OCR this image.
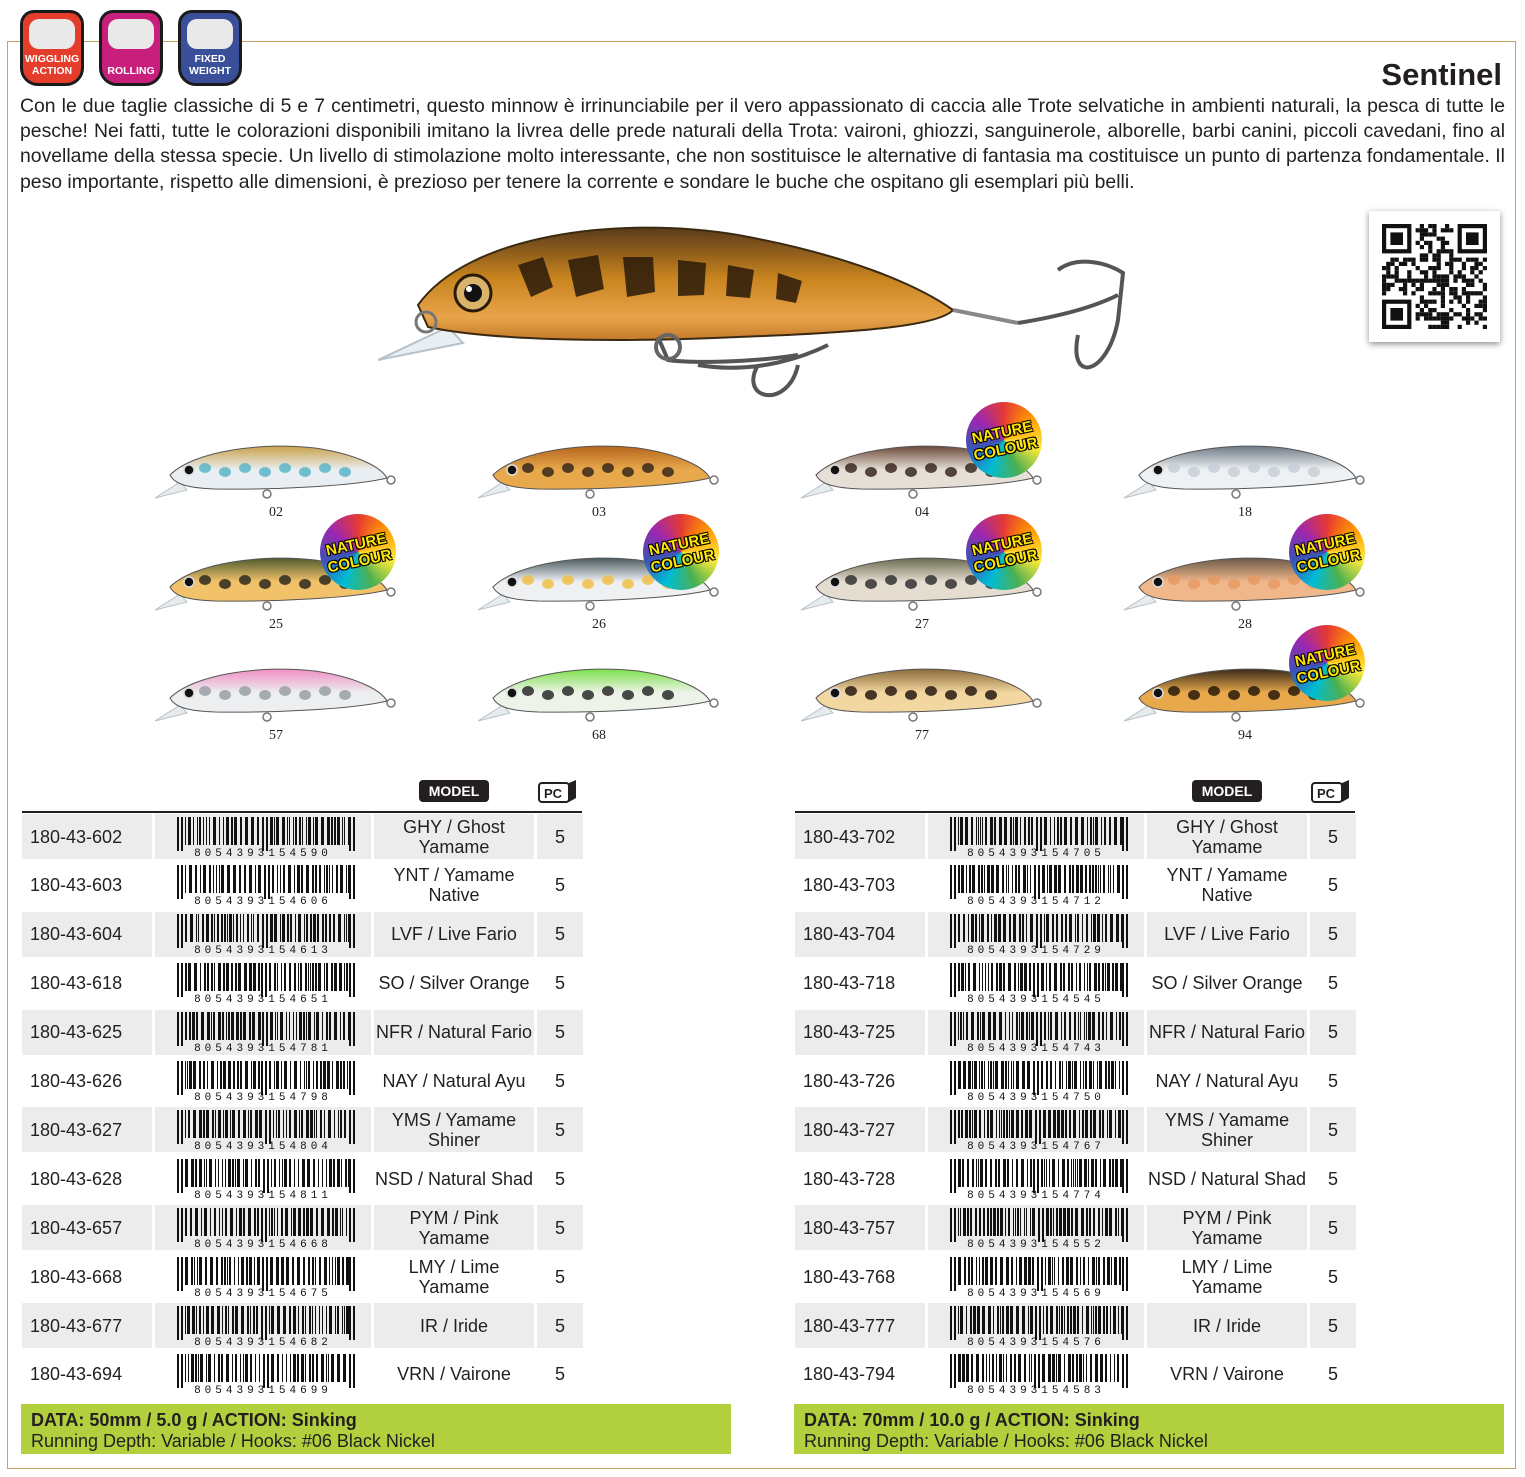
WIGGLING ACTION	ROLLING
FIXED WEIGHT	Sentinel
Con le due taglie classiche di 5 e 7 centimetri, questo minnow è irrinunciabile per il vero appassionato di caccia alle Trote selvatiche in ambienti naturali, la pesca di tutte le pesche! Nei fatti, tutte le colorazioni disponibili imitano la livrea delle prede naturali della Trota: vaironi, ghiozzi, sanguinerole, alborelle, barbi canini, piccoli cavedani, fino al novellame della stessa specie. Un livello di stimolazione molto interessante, che non sostituisce le alternative di fantasia ma costituisce un punto di partenza fondamentale. Il peso importante, rispetto alle dimensioni, è prezioso per tenere la corrente e sondare le buche che ospitano gli esemplari più belli.
02	03	04
NATURE COLOUR
18
25
NATURE COLOUR
26
NATURE COLOUR
27
NATURE COLOUR
28
NATURE COLOUR
57	68	77	94
NATURE COLOUR
MODEL	PC	MODEL	PC
180-43-602
8054393154590
GHY / Ghost Yamame	5
180-43-603
8054393154606
YNT / Yamame Native	5
180-43-604
8054393154613
LVF / Live Fario	5
180-43-618
8054393154651
SO / Silver Orange	5
180-43-625
8054393154781
NFR / Natural Fario	5
180-43-626
8054393154798
NAY / Natural Ayu	5
180-43-627
8054393154804
YMS / Yamame Shiner	5
180-43-628
8054393154811
NSD / Natural Shad	5
180-43-657
8054393154668
PYM / Pink Yamame	5
180-43-668
8054393154675
LMY / Lime Yamame	5
180-43-677
8054393154682
IR / Iride	5
180-43-694
8054393154699
VRN / Vairone	5
180-43-702
8054393154705
GHY / Ghost Yamame	5
180-43-703
8054393154712
YNT / Yamame Native	5
180-43-704
8054393154729
LVF / Live Fario	5
180-43-718
8054393154545
SO / Silver Orange	5
180-43-725
8054393154743
NFR / Natural Fario	5
180-43-726
8054393154750
NAY / Natural Ayu	5
180-43-727
8054393154767
YMS / Yamame Shiner	5
180-43-728
8054393154774
NSD / Natural Shad	5
180-43-757
8054393154552
PYM / Pink Yamame	5
180-43-768
8054393154569
LMY / Lime Yamame	5
180-43-777
8054393154576
IR / Iride	5
180-43-794
8054393154583
VRN / Vairone	5
DATA: 50mm / 5.0 g / ACTION: Sinking
Running Depth: Variable / Hooks: #06 Black Nickel
DATA: 70mm / 10.0 g / ACTION: Sinking
Running Depth: Variable / Hooks: #06 Black Nickel
